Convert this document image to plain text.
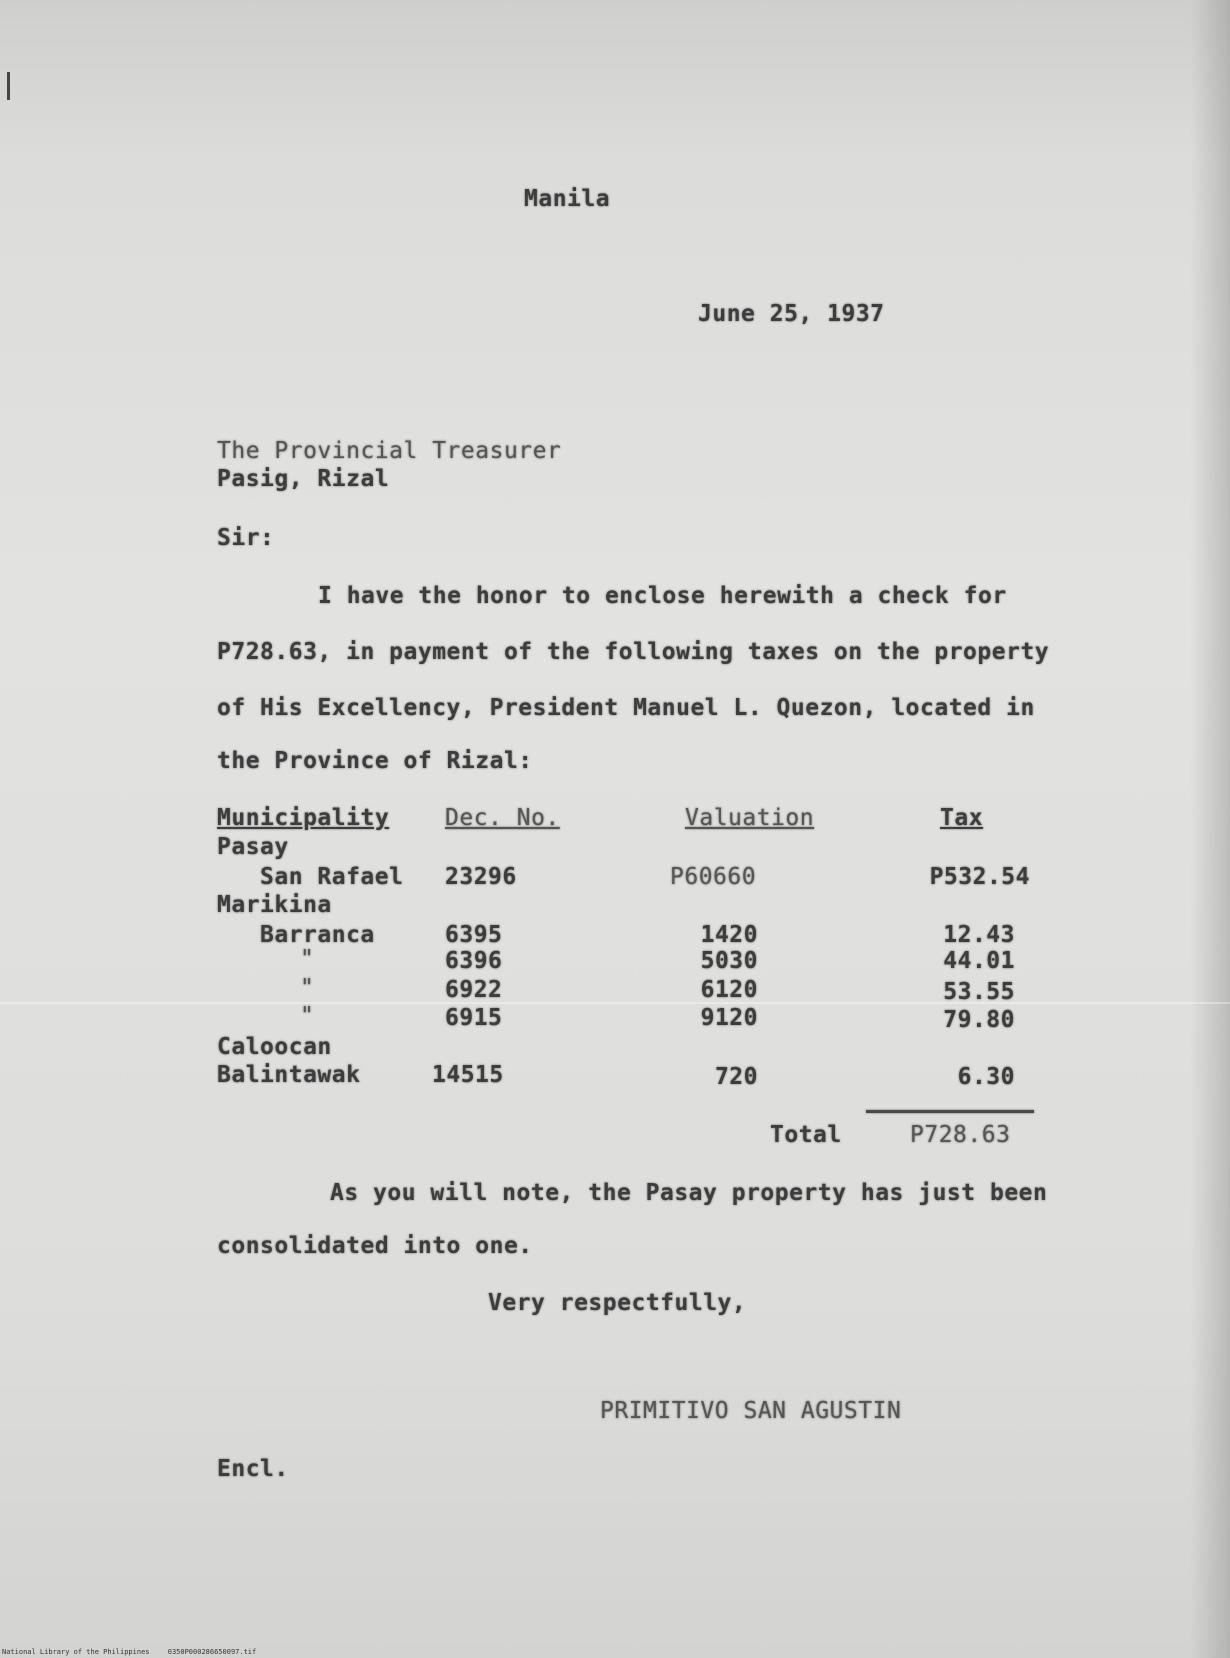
Manila
June 25, 1937
The Provincial Treasurer
Pasig, Rizal
Sir:
I have the honor to enclose herewith a check for
P728.63, in payment of the following taxes on the property
of His Excellency, President Manuel L. Quezon, located in
the Province of Rizal:
Municipality Dec. No.	Valuation	Tax
Pasay
San Rafael 23296	P60660	P532.54
Marikina
Barranca	6395	1420	12.43
"	6396	5030	44.01
"	6922	6120	53.55
"	6915	9120	79.80
Caloocan
Balintawak	14515	720	6.30
Total	P728.63
As you will note, the Pasay property has just been
consolidated into one.
Very respectfully,
PRIMITIVO SAN AGUSTIN
Encl.
National Library of the Philippines	0350P000286650097.tif
